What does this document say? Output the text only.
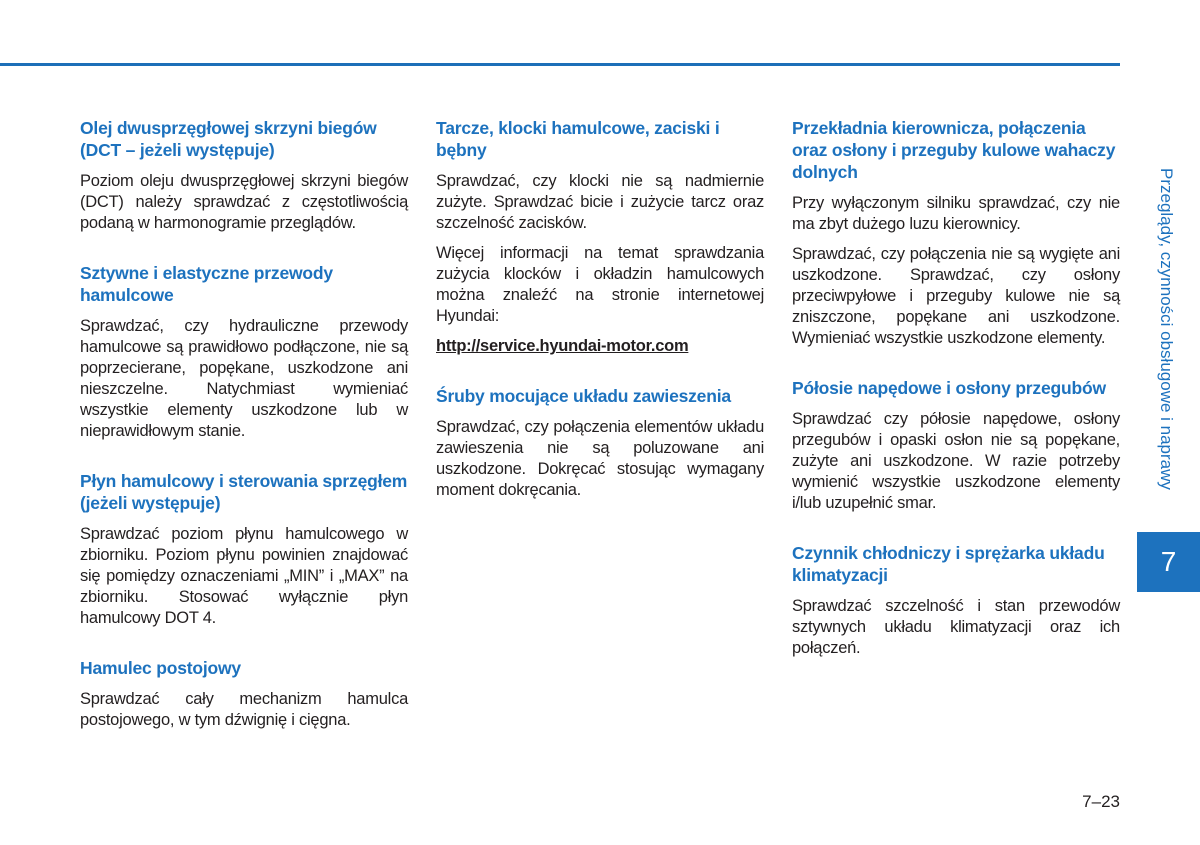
Olej dwusprzęgłowej skrzyni biegów (DCT – jeżeli występuje)

Poziom oleju dwusprzęgłowej skrzyni biegów (DCT) należy sprawdzać z częstotliwością podaną w harmonogramie przeglądów.

Sztywne i elastyczne przewody hamulcowe

Sprawdzać, czy hydrauliczne przewody hamulcowe są prawidłowo podłączone, nie są poprzecierane, popękane, uszkodzone ani nieszczelne. Natychmiast wymieniać wszystkie elementy uszkodzone lub w nieprawidłowym stanie.

Płyn hamulcowy i sterowania sprzęgłem (jeżeli występuje)

Sprawdzać poziom płynu hamulcowego w zbiorniku. Poziom płynu powinien znajdować się pomiędzy oznaczeniami „MIN” i „MAX” na zbiorniku. Stosować wyłącznie płyn hamulcowy DOT 4.

Hamulec postojowy

Sprawdzać cały mechanizm hamulca postojowego, w tym dźwignię i cięgna.

Tarcze, klocki hamulcowe, zaciski i bębny

Sprawdzać, czy klocki nie są nadmiernie zużyte. Sprawdzać bicie i zużycie tarcz oraz szczelność zacisków.

Więcej informacji na temat sprawdzania zużycia klocków i okładzin hamulcowych można znaleźć na stronie internetowej Hyundai:

http://service.hyundai-motor.com

Śruby mocujące układu zawieszenia

Sprawdzać, czy połączenia elementów układu zawieszenia nie są poluzowane ani uszkodzone. Dokręcać stosując wymagany moment dokręcania.

Przekładnia kierownicza, połączenia oraz osłony i przeguby kulowe wahaczy dolnych

Przy wyłączonym silniku sprawdzać, czy nie ma zbyt dużego luzu kierownicy.

Sprawdzać, czy połączenia nie są wygięte ani uszkodzone. Sprawdzać, czy osłony przeciwpyłowe i przeguby kulowe nie są zniszczone, popękane ani uszkodzone. Wymieniać wszystkie uszkodzone elementy.

Półosie napędowe i osłony przegubów

Sprawdzać czy półosie napędowe, osłony przegubów i opaski osłon nie są popękane, zużyte ani uszkodzone. W razie potrzeby wymienić wszystkie uszkodzone elementy i/lub uzupełnić smar.

Czynnik chłodniczy i sprężarka układu klimatyzacji

Sprawdzać szczelność i stan przewodów sztywnych układu klimatyzacji oraz ich połączeń.

Przeglądy, czynności obsługowe i naprawy
7
7–23
